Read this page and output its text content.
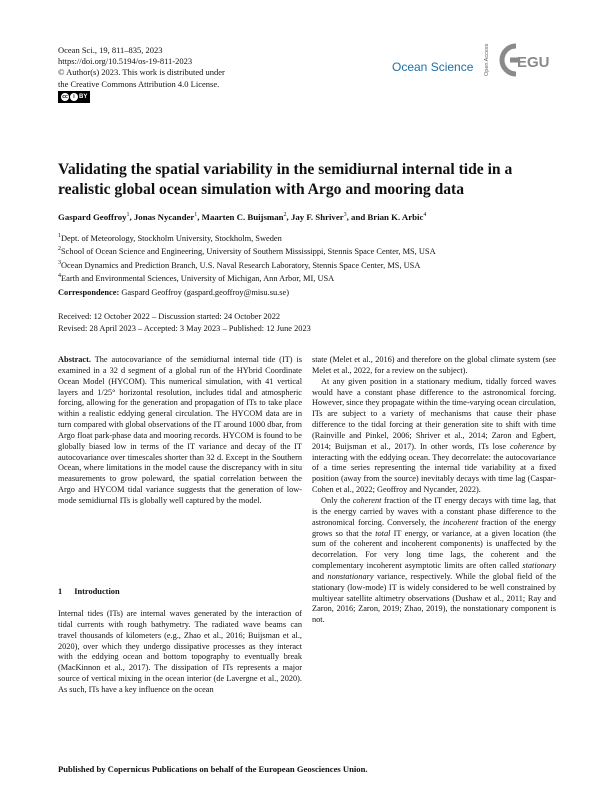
Ocean Sci., 19, 811–835, 2023
https://doi.org/10.5194/os-19-811-2023
© Author(s) 2023. This work is distributed under
the Creative Commons Attribution 4.0 License.
cc	i BY
Ocean Science Open Access EGU
Validating the spatial variability in the semidiurnal internal tide in a realistic global ocean simulation with Argo and mooring data
Gaspard Geoffroy$^1$, Jonas Nycander$^1$, Maarten C. Buijsman$^2$, Jay F. Shriver$^3$, and Brian K. Arbic$^4$
$^1$Dept. of Meteorology, Stockholm University, Stockholm, Sweden
$^2$School of Ocean Science and Engineering, University of Southern Mississippi, Stennis Space Center, MS, USA
$^3$Ocean Dynamics and Prediction Branch, U.S. Naval Research Laboratory, Stennis Space Center, MS, USA
$^4$Earth and Environmental Sciences, University of Michigan, Ann Arbor, MI, USA
Correspondence: Gaspard Geoffroy (gaspard.geoffroy@misu.su.se)
Received: 12 October 2022 – Discussion started: 24 October 2022
Revised: 28 April 2023 – Accepted: 3 May 2023 – Published: 12 June 2023

Abstract. The autocovariance of the semidiurnal internal tide (IT) is examined in a 32 d segment of a global run of the HYbrid Coordinate Ocean Model (HYCOM). This numerical simulation, with 41 vertical layers and 1/25° horizontal resolution, includes tidal and atmospheric forcing, allowing for the generation and propagation of ITs to take place within a realistic eddying general circulation. The HYCOM data are in turn compared with global observations of the IT around 1000 dbar, from Argo float park-phase data and mooring records. HYCOM is found to be globally biased low in terms of the IT variance and decay of the IT autocovariance over timescales shorter than 32 d. Except in the Southern Ocean, where limitations in the model cause the discrepancy with in situ measurements to grow poleward, the spatial correlation between the Argo and HYCOM tidal variance suggests that the generation of low-mode semidiurnal ITs is globally well captured by the model.

1 Introduction

Internal tides (ITs) are internal waves generated by the interaction of tidal currents with rough bathymetry. The radiated wave beams can travel thousands of kilometers (e.g., Zhao et al., 2016; Buijsman et al., 2020), over which they undergo dissipative processes as they interact with the eddying ocean and bottom topography to eventually break (MacKinnon et al., 2017). The dissipation of ITs represents a major source of vertical mixing in the ocean interior (de Lavergne et al., 2020). As such, ITs have a key influence on the ocean

state (Melet et al., 2016) and therefore on the global climate system (see Melet et al., 2022, for a review on the subject).

At any given position in a stationary medium, tidally forced waves would have a constant phase difference to the astronomical forcing. However, since they propagate within the time-varying ocean circulation, ITs are subject to a variety of mechanisms that cause their phase difference to the tidal forcing at their generation site to shift with time (Rainville and Pinkel, 2006; Shriver et al., 2014; Zaron and Egbert, 2014; Buijsman et al., 2017). In other words, ITs lose coherence by interacting with the eddying ocean. They decorrelate: the autocovariance of a time series representing the internal tide variability at a fixed position (away from the source) inevitably decays with time lag (Caspar-Cohen et al., 2022; Geoffroy and Nycander, 2022).

Only the coherent fraction of the IT energy decays with time lag, that is the energy carried by waves with a constant phase difference to the astronomical forcing. Conversely, the incoherent fraction of the energy grows so that the total IT energy, or variance, at a given location (the sum of the coherent and incoherent components) is unaffected by the decorrelation. For very long time lags, the coherent and the complementary incoherent asymptotic limits are often called stationary and nonstationary variance, respectively. While the global field of the stationary (low-mode) IT is widely considered to be well constrained by multiyear satellite altimetry observations (Dushaw et al., 2011; Ray and Zaron, 2016; Zaron, 2019; Zhao, 2019), the nonstationary component is not.

Published by Copernicus Publications on behalf of the European Geosciences Union.
